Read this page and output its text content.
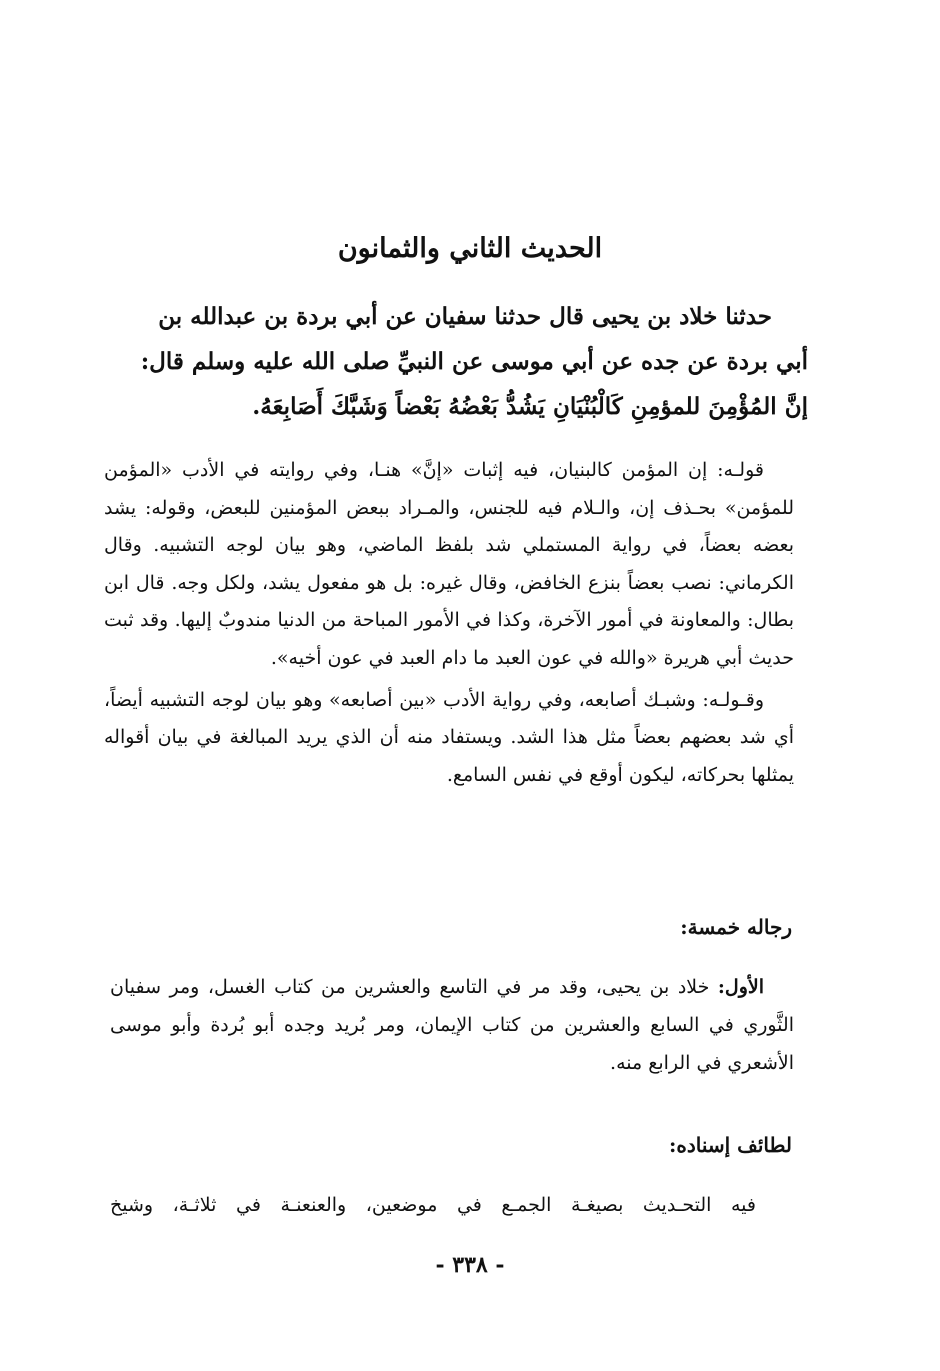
الحديث الثاني والثمانون
حدثنا خلاد بن يحيى قال حدثنا سفيان عن أبي بردة بن عبدالله بن
أبي بردة عن جده عن أبي موسى عن النبيِّ صلى الله عليه وسلم قال:
إنَّ المُؤْمِنَ للمؤمِنِ كَالْبُنْيَانِ يَشُدُّ بَعْضُهُ بَعْضاً وَشَبَّكَ أَصَابِعَهُ.

قولـه: إن المؤمن كالبنيان، فيه إثبات «إنَّ» هنـا، وفي روايته في الأدب «المؤمن للمؤمن» بحـذف إن، والـلام فيه للجنس، والمـراد ببعض المؤمنين للبعض، وقوله: يشد بعضه بعضاً، في رواية المستملي شد بلفظ الماضي، وهو بيان لوجه التشبيه. وقال الكرماني: نصب بعضاً بنزع الخافض، وقال غيره: بل هو مفعول يشد، ولكل وجه. قال ابن بطال: والمعاونة في أمور الآخرة، وكذا في الأمور المباحة من الدنيا مندوبٌ إليها. وقد ثبت حديث أبي هريرة «والله في عون العبد ما دام العبد في عون أخيه».

وقـولـه: وشبـك أصابعه، وفي رواية الأدب «بين أصابعه» وهو بيان لوجه التشبيه أيضاً، أي شد بعضهم بعضاً مثل هذا الشد. ويستفاد منه أن الذي يريد المبالغة في بيان أقواله يمثلها بحركاته، ليكون أوقع في نفس السامع.

رجاله خمسة:

الأول: خلاد بن يحيى، وقد مر في التاسع والعشرين من كتاب الغسل، ومر سفيان الثَّوري في السابع والعشرين من كتاب الإيمان، ومر بُريد وجده أبو بُردة وأبو موسى الأشعري في الرابع منه.

لطائف إسناده:

فيه التحـديث بصيغـة الجمـع في موضعين، والعنعنـة في ثلاثـة، وشيخ

- ٣٣٨ -
